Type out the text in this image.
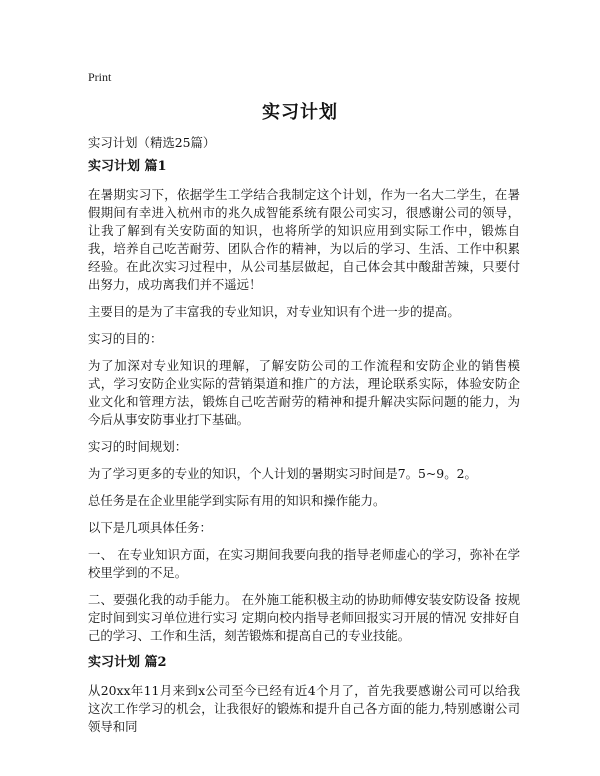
Print
实习计划

实习计划（精选25篇）

实习计划 篇1

在暑期实习下，依据学生工学结合我制定这个计划，作为一名大二学生，在暑假期间有幸进入杭州市的兆久成智能系统有限公司实习，很感谢公司的领导，让我了解到有关安防面的知识，也将所学的知识应用到实际工作中，锻炼自我，培养自己吃苦耐劳、团队合作的精神，为以后的学习、生活、工作中积累经验。在此次实习过程中，从公司基层做起，自己体会其中酸甜苦辣，只要付出努力，成功离我们并不遥远！

主要目的是为了丰富我的专业知识，对专业知识有个进一步的提高。

实习的目的：

为了加深对专业知识的理解，了解安防公司的工作流程和安防企业的销售模式，学习安防企业实际的营销渠道和推广的方法，理论联系实际，体验安防企业文化和管理方法，锻炼自己吃苦耐劳的精神和提升解决实际问题的能力，为今后从事安防事业打下基础。

实习的时间规划：

为了学习更多的专业的知识，个人计划的暑期实习时间是7。5~9。2。

总任务是在企业里能学到实际有用的知识和操作能力。

以下是几项具体任务：

一、 在专业知识方面，在实习期间我要向我的指导老师虚心的学习，弥补在学校里学到的不足。

二、要强化我的动手能力。 在外施工能积极主动的协助师傅安装安防设备 按规定时间到实习单位进行实习 定期向校内指导老师回报实习开展的情况 安排好自己的学习、工作和生活，刻苦锻炼和提高自己的专业技能。

实习计划 篇2

从20xx年11月来到x公司至今已经有近4个月了，首先我要感谢公司可以给我这次工作学习的机会，让我很好的锻炼和提升自己各方面的能力,特别感谢公司领导和同
